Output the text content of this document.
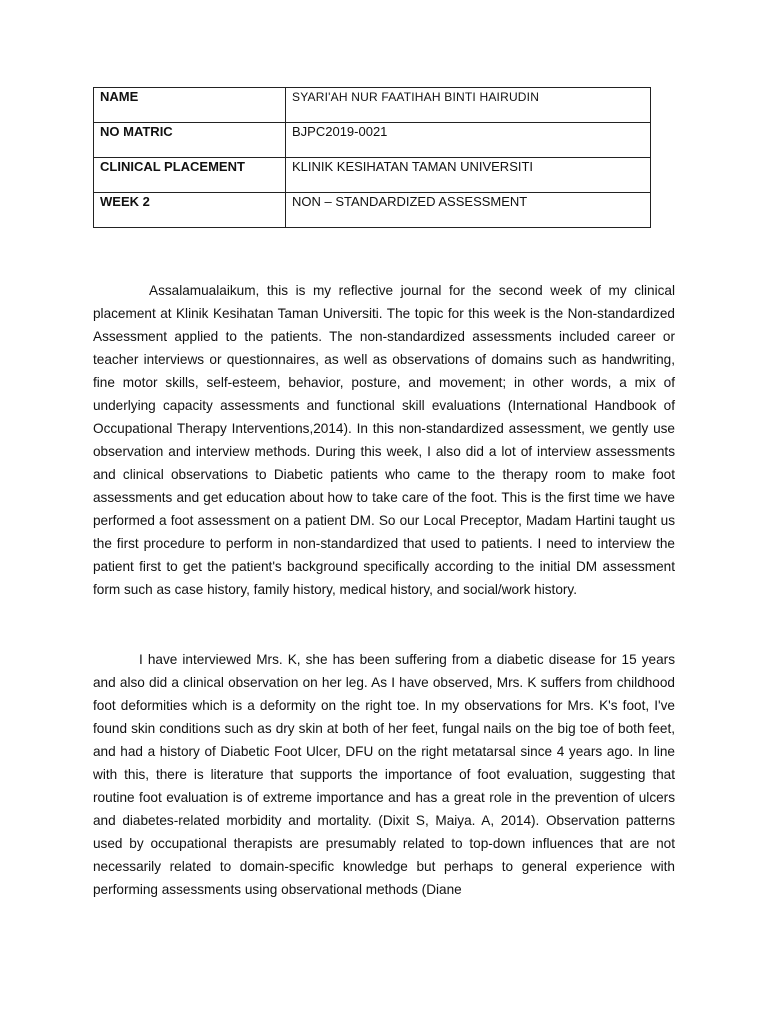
NAME	SYARI'AH NUR FAATIHAH BINTI HAIRUDIN
NO MATRIC	BJPC2019-0021
CLINICAL PLACEMENT	KLINIK KESIHATAN TAMAN UNIVERSITI
WEEK 2	NON – STANDARDIZED ASSESSMENT

Assalamualaikum, this is my reflective journal for the second week of my clinical placement at Klinik Kesihatan Taman Universiti. The topic for this week is the Non-standardized Assessment applied to the patients. The non-standardized assessments included career or teacher interviews or questionnaires, as well as observations of domains such as handwriting, fine motor skills, self-esteem, behavior, posture, and movement; in other words, a mix of underlying capacity assessments and functional skill evaluations (International Handbook of Occupational Therapy Interventions,2014). In this non-standardized assessment, we gently use observation and interview methods. During this week, I also did a lot of interview assessments and clinical observations to Diabetic patients who came to the therapy room to make foot assessments and get education about how to take care of the foot. This is the first time we have performed a foot assessment on a patient DM. So our Local Preceptor, Madam Hartini taught us the first procedure to perform in non-standardized that used to patients. I need to interview the patient first to get the patient's background specifically according to the initial DM assessment form such as case history, family history, medical history, and social/work history.

I have interviewed Mrs. K, she has been suffering from a diabetic disease for 15 years and also did a clinical observation on her leg. As I have observed, Mrs. K suffers from childhood foot deformities which is a deformity on the right toe. In my observations for Mrs. K's foot, I've found skin conditions such as dry skin at both of her feet, fungal nails on the big toe of both feet, and had a history of Diabetic Foot Ulcer, DFU on the right metatarsal since 4 years ago. In line with this, there is literature that supports the importance of foot evaluation, suggesting that routine foot evaluation is of extreme importance and has a great role in the prevention of ulcers and diabetes-related morbidity and mortality. (Dixit S, Maiya. A, 2014). Observation patterns used by occupational therapists are presumably related to top-down influences that are not necessarily related to domain-specific knowledge but perhaps to general experience with performing assessments using observational methods (Diane
